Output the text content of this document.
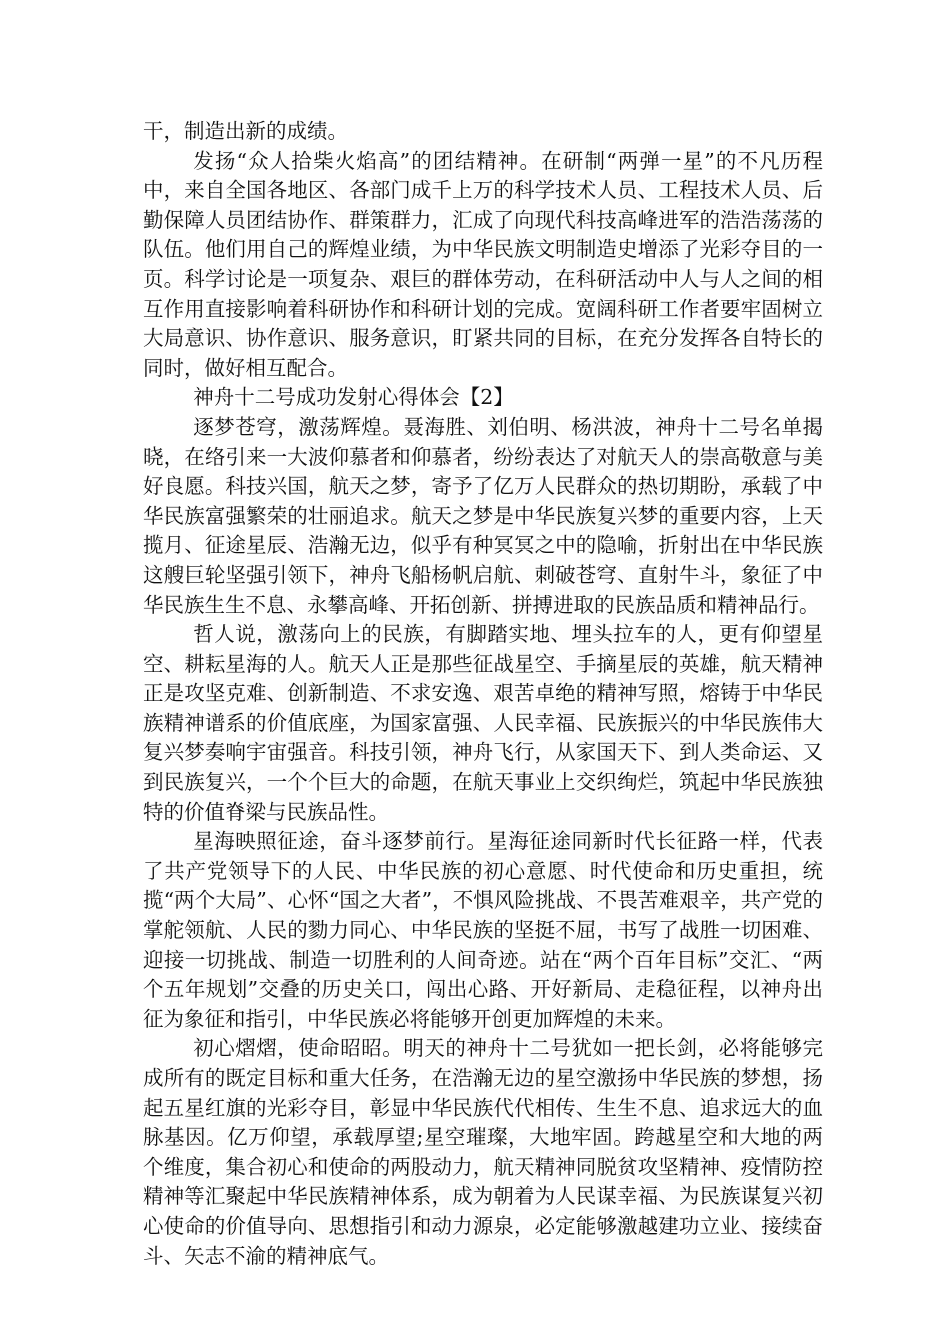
干，制造出新的成绩。

发扬“众人拾柴火焰高”的团结精神。在研制“两弹一星”的不凡历程中，来自全国各地区、各部门成千上万的科学技术人员、工程技术人员、后勤保障人员团结协作、群策群力，汇成了向现代科技高峰进军的浩浩荡荡的队伍。他们用自己的辉煌业绩，为中华民族文明制造史增添了光彩夺目的一页。科学讨论是一项复杂、艰巨的群体劳动，在科研活动中人与人之间的相互作用直接影响着科研协作和科研计划的完成。宽阔科研工作者要牢固树立大局意识、协作意识、服务意识，盯紧共同的目标，在充分发挥各自特长的同时，做好相互配合。

神舟十二号成功发射心得体会【2】

逐梦苍穹，激荡辉煌。聂海胜、刘伯明、杨洪波，神舟十二号名单揭晓，在络引来一大波仰慕者和仰慕者，纷纷表达了对航天人的崇高敬意与美好良愿。科技兴国，航天之梦，寄予了亿万人民群众的热切期盼，承载了中华民族富强繁荣的壮丽追求。航天之梦是中华民族复兴梦的重要内容，上天揽月、征途星辰、浩瀚无边，似乎有种冥冥之中的隐喻，折射出在中华民族这艘巨轮坚强引领下，神舟飞船杨帆启航、刺破苍穹、直射牛斗，象征了中华民族生生不息、永攀高峰、开拓创新、拼搏进取的民族品质和精神品行。

哲人说，激荡向上的民族，有脚踏实地、埋头拉车的人，更有仰望星空、耕耘星海的人。航天人正是那些征战星空、手摘星辰的英雄，航天精神正是攻坚克难、创新制造、不求安逸、艰苦卓绝的精神写照，熔铸于中华民族精神谱系的价值底座，为国家富强、人民幸福、民族振兴的中华民族伟大复兴梦奏响宇宙强音。科技引领，神舟飞行，从家国天下、到人类命运、又到民族复兴，一个个巨大的命题，在航天事业上交织绚烂，筑起中华民族独特的价值脊梁与民族品性。

星海映照征途，奋斗逐梦前行。星海征途同新时代长征路一样，代表了共产党领导下的人民、中华民族的初心意愿、时代使命和历史重担，统揽“两个大局”、心怀“国之大者”，不惧风险挑战、不畏苦难艰辛，共产党的掌舵领航、人民的勠力同心、中华民族的坚挺不屈，书写了战胜一切困难、迎接一切挑战、制造一切胜利的人间奇迹。站在“两个百年目标”交汇、“两个五年规划”交叠的历史关口，闯出心路、开好新局、走稳征程，以神舟出征为象征和指引，中华民族必将能够开创更加辉煌的未来。

初心熠熠，使命昭昭。明天的神舟十二号犹如一把长剑，必将能够完成所有的既定目标和重大任务，在浩瀚无边的星空激扬中华民族的梦想，扬起五星红旗的光彩夺目，彰显中华民族代代相传、生生不息、追求远大的血脉基因。亿万仰望，承载厚望;星空璀璨，大地牢固。跨越星空和大地的两个维度，集合初心和使命的两股动力，航天精神同脱贫攻坚精神、疫情防控精神等汇聚起中华民族精神体系，成为朝着为人民谋幸福、为民族谋复兴初心使命的价值导向、思想指引和动力源泉，必定能够激越建功立业、接续奋斗、矢志不渝的精神底气。
